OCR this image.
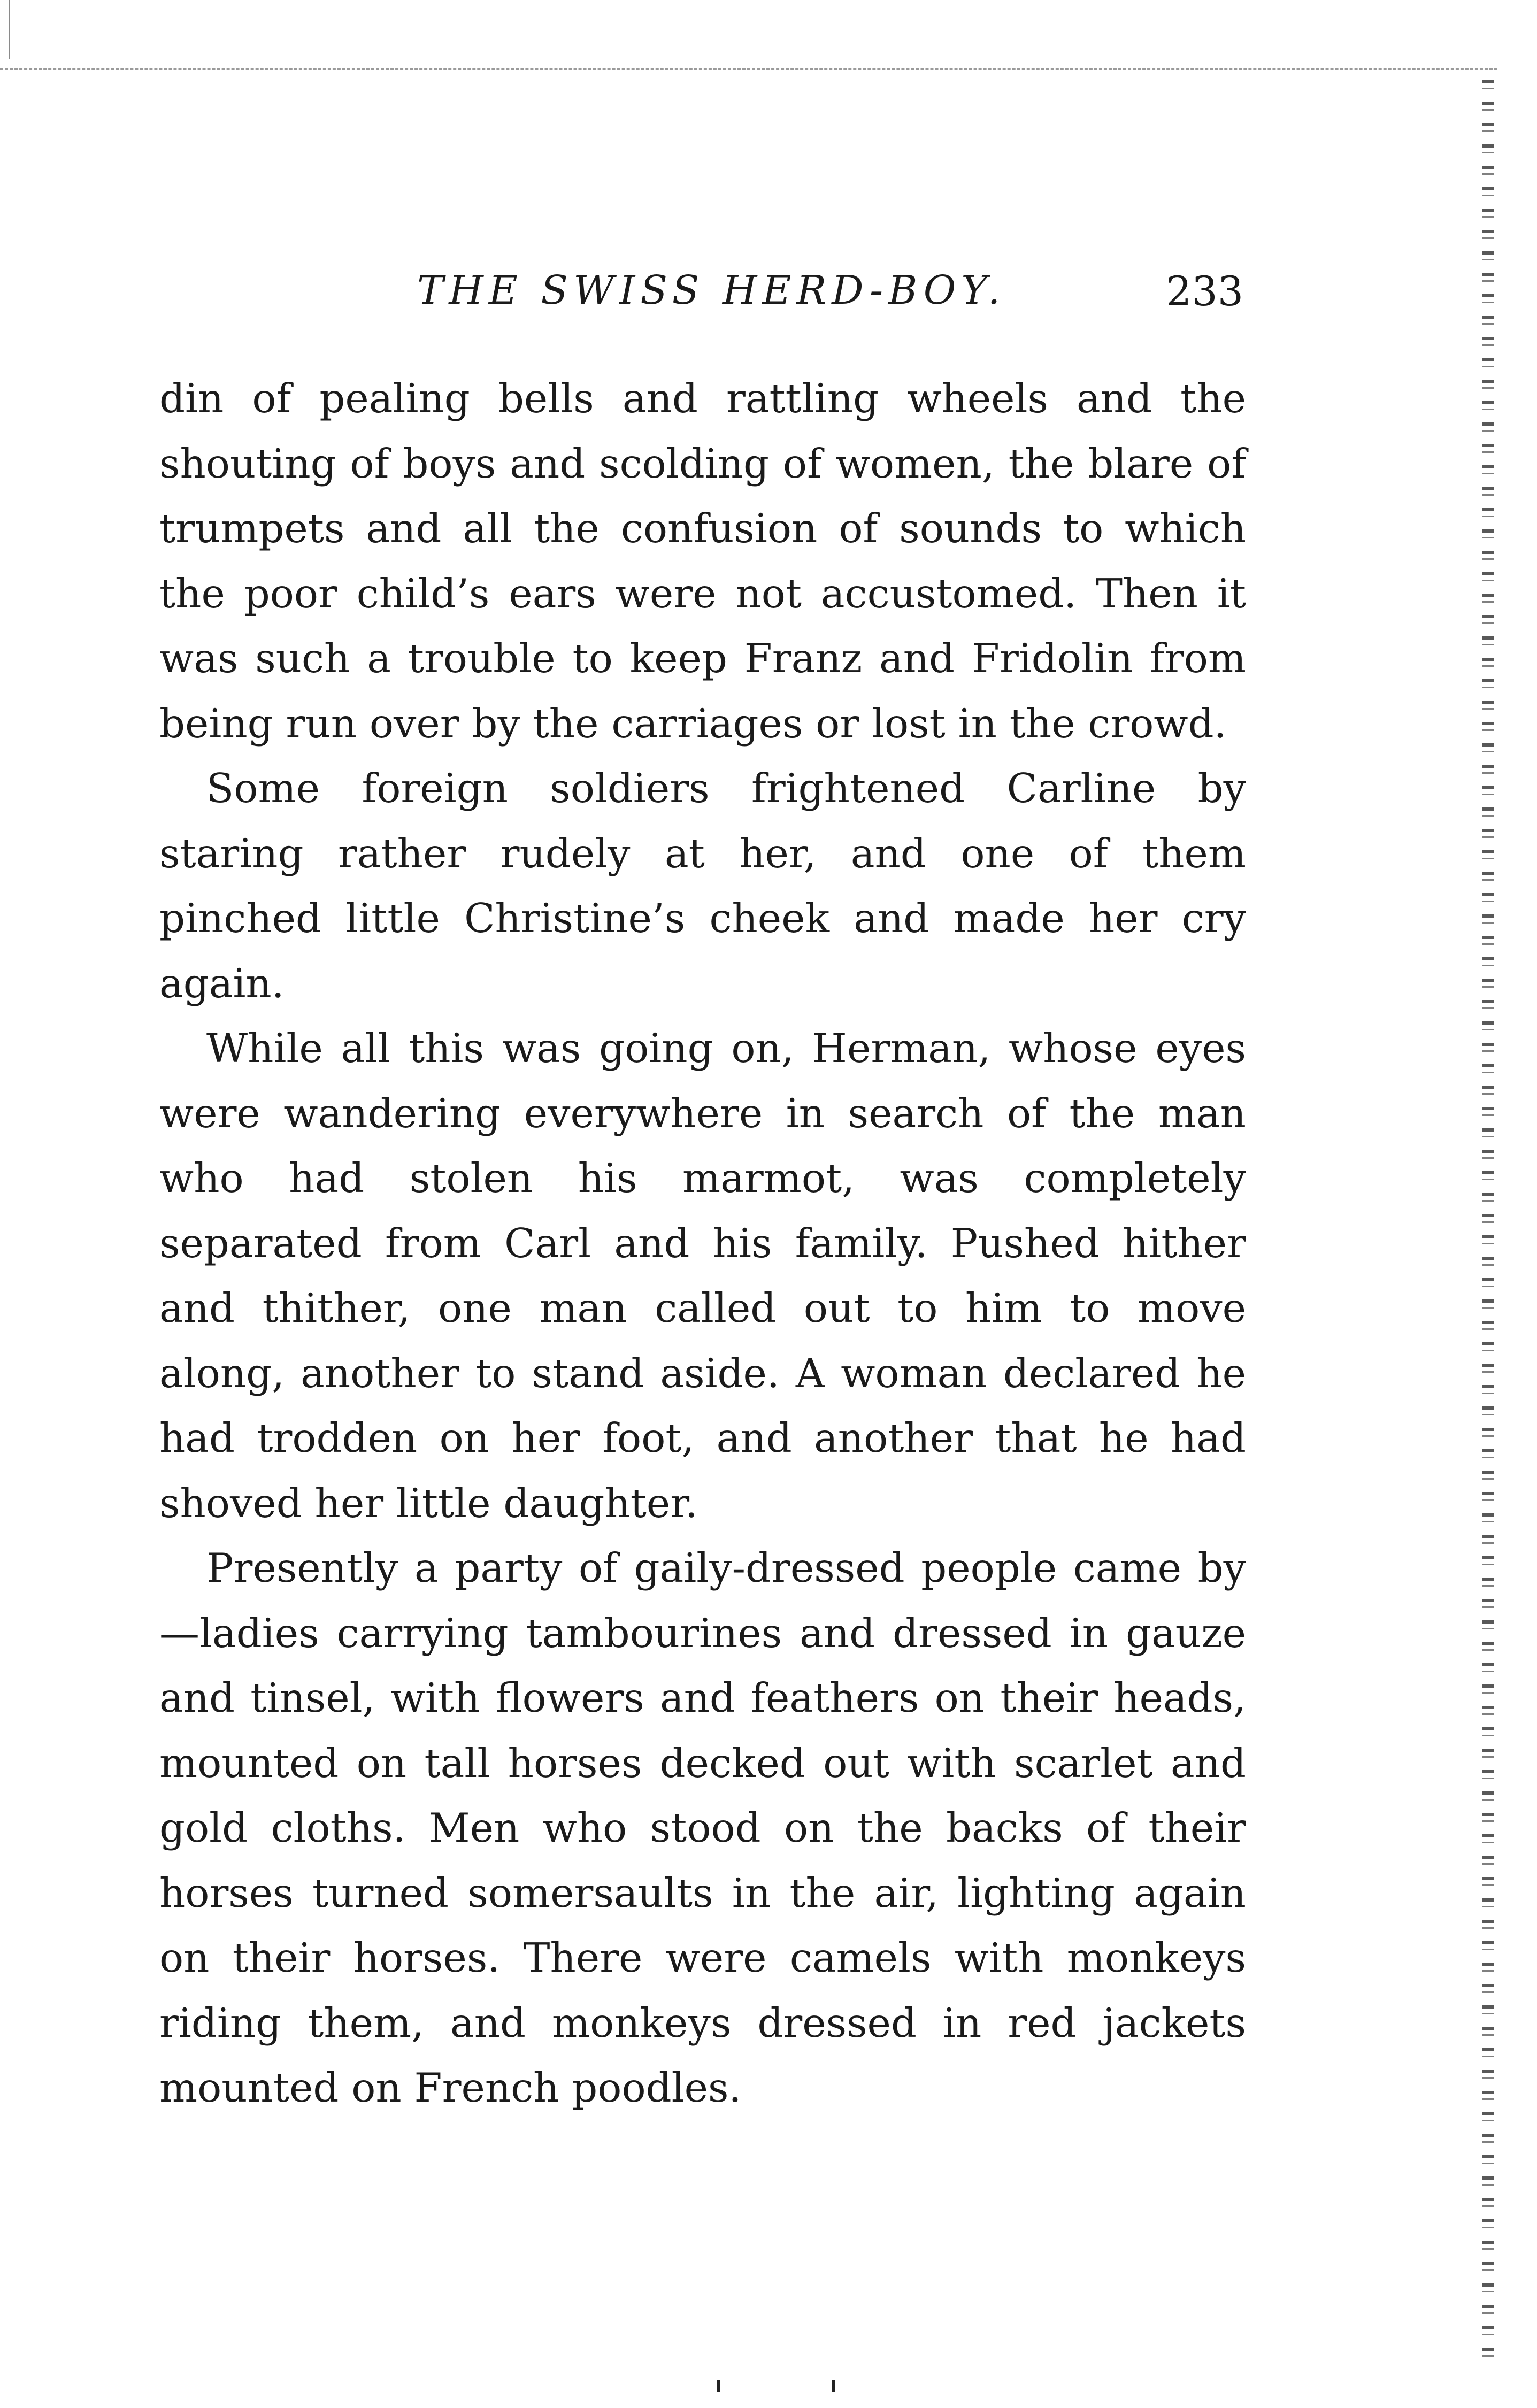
THE SWISS HERD-BOY.	233

din of pealing bells and rattling wheels and the shouting of boys and scolding of women, the blare of trumpets and all the confusion of sounds to which the poor child’s ears were not accustomed. Then it was such a trouble to keep Franz and Fridolin from being run over by the carriages or lost in the crowd.

Some foreign soldiers frightened Carline by staring rather rudely at her, and one of them pinched little Christine’s cheek and made her cry again.

While all this was going on, Herman, whose eyes were wandering everywhere in search of the man who had stolen his marmot, was completely separated from Carl and his family. Pushed hither and thither, one man called out to him to move along, another to stand aside. A woman declared he had trodden on her foot, and another that he had shoved her little daughter.

Presently a party of gaily-dressed people came by —ladies carrying tambourines and dressed in gauze and tinsel, with flowers and feathers on their heads, mounted on tall horses decked out with scarlet and gold cloths. Men who stood on the backs of their horses turned somersaults in the air, lighting again on their horses. There were camels with monkeys riding them, and monkeys dressed in red jackets mounted on French poodles.
